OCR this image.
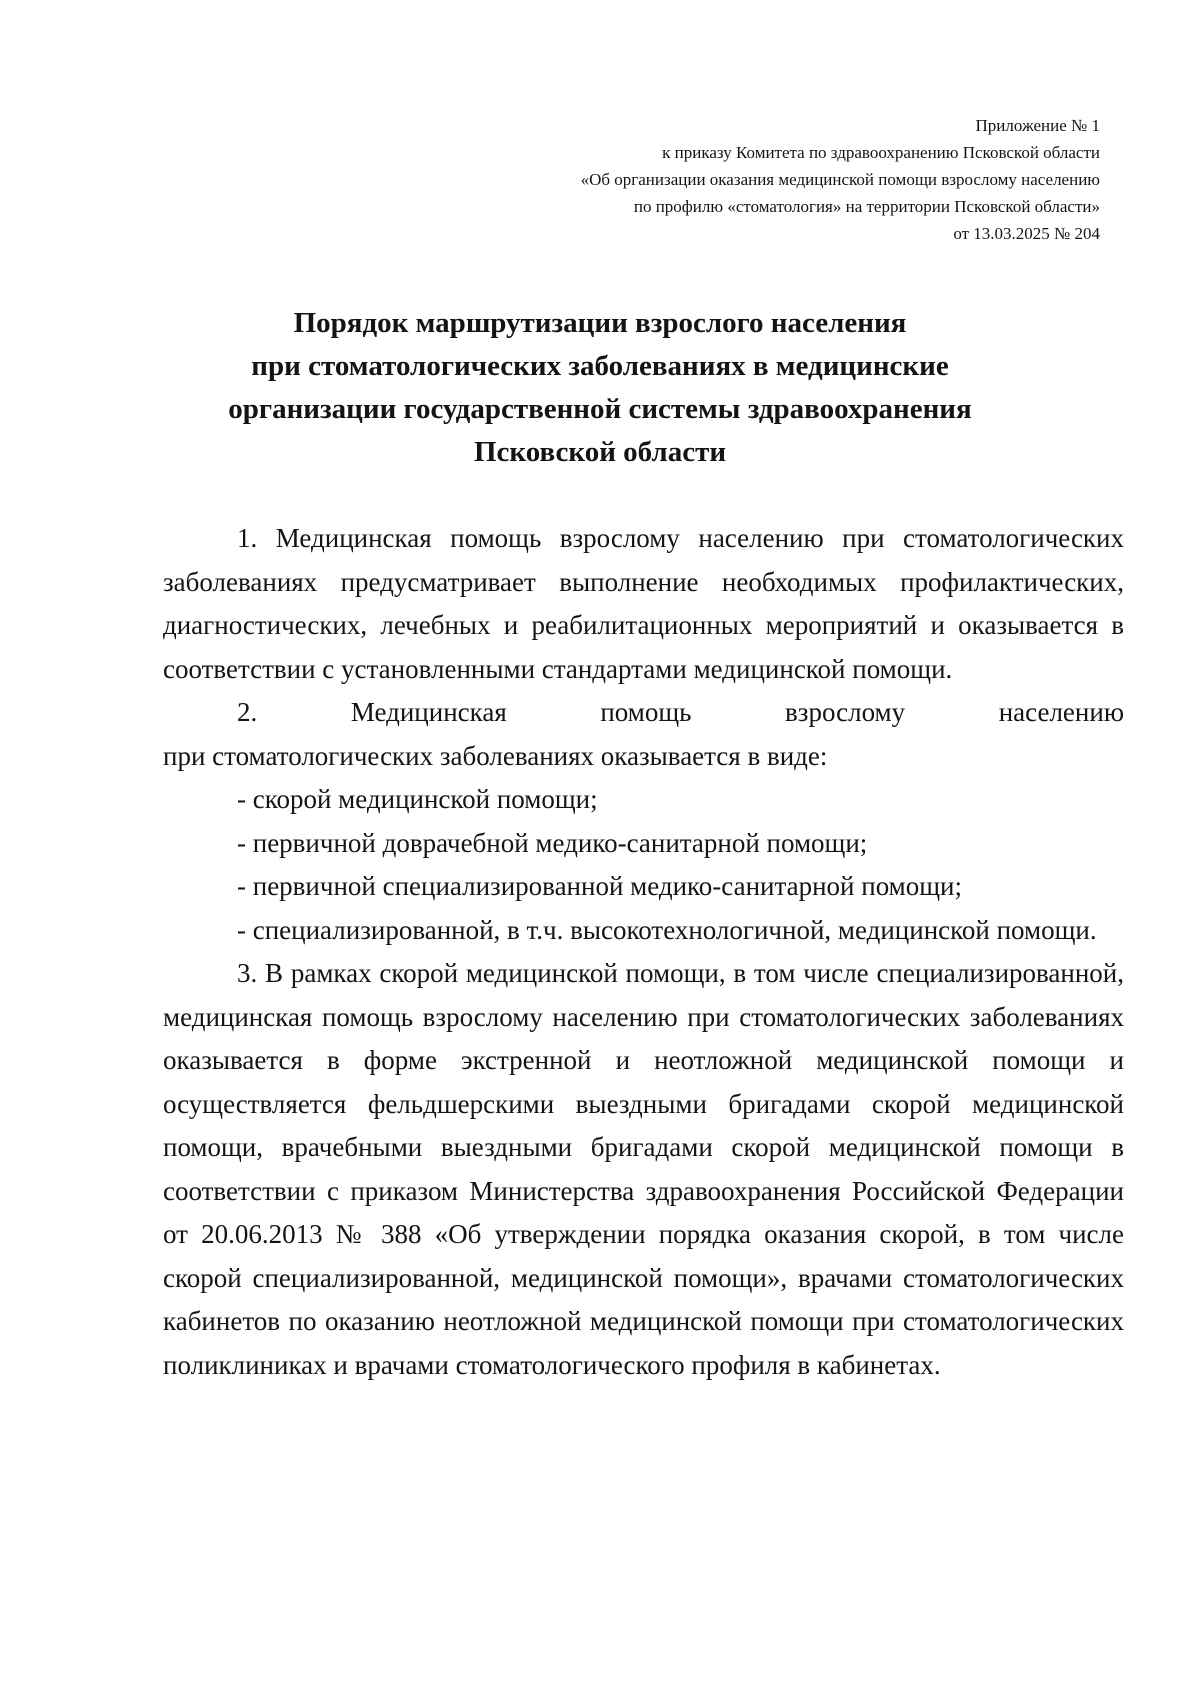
Приложение № 1
к приказу Комитета по здравоохранению Псковской области
«Об организации оказания медицинской помощи взрослому населению
по профилю «стоматология» на территории Псковской области»
от 13.03.2025 № 204
Порядок маршрутизации взрослого населения
при стоматологических заболеваниях в медицинские
организации государственной системы здравоохранения
Псковской области

1. Медицинская помощь взрослому населению при стоматологических заболеваниях предусматривает выполнение необходимых профилактических, диагностических, лечебных и реабилитационных мероприятий и оказывается в соответствии с установленными стандартами медицинской помощи.

2. Медицинская помощь взрослому населению

при стоматологических заболеваниях оказывается в виде:

- скорой медицинской помощи;

- первичной доврачебной медико-санитарной помощи;

- первичной специализированной медико-санитарной помощи;

- специализированной, в т.ч. высокотехнологичной, медицинской помощи.

3. В рамках скорой медицинской помощи, в том числе специализированной, медицинская помощь взрослому населению при стоматологических заболеваниях оказывается в форме экстренной и неотложной медицинской помощи и осуществляется фельдшерскими выездными бригадами скорой медицинской помощи, врачебными выездными бригадами скорой медицинской помощи в соответствии с приказом Министерства здравоохранения Российской Федерации от 20.06.2013 № 388 «Об утверждении порядка оказания скорой, в том числе скорой специализированной, медицинской помощи», врачами стоматологических кабинетов по оказанию неотложной медицинской помощи при стоматологических поликлиниках и врачами стоматологического профиля в кабинетах.
